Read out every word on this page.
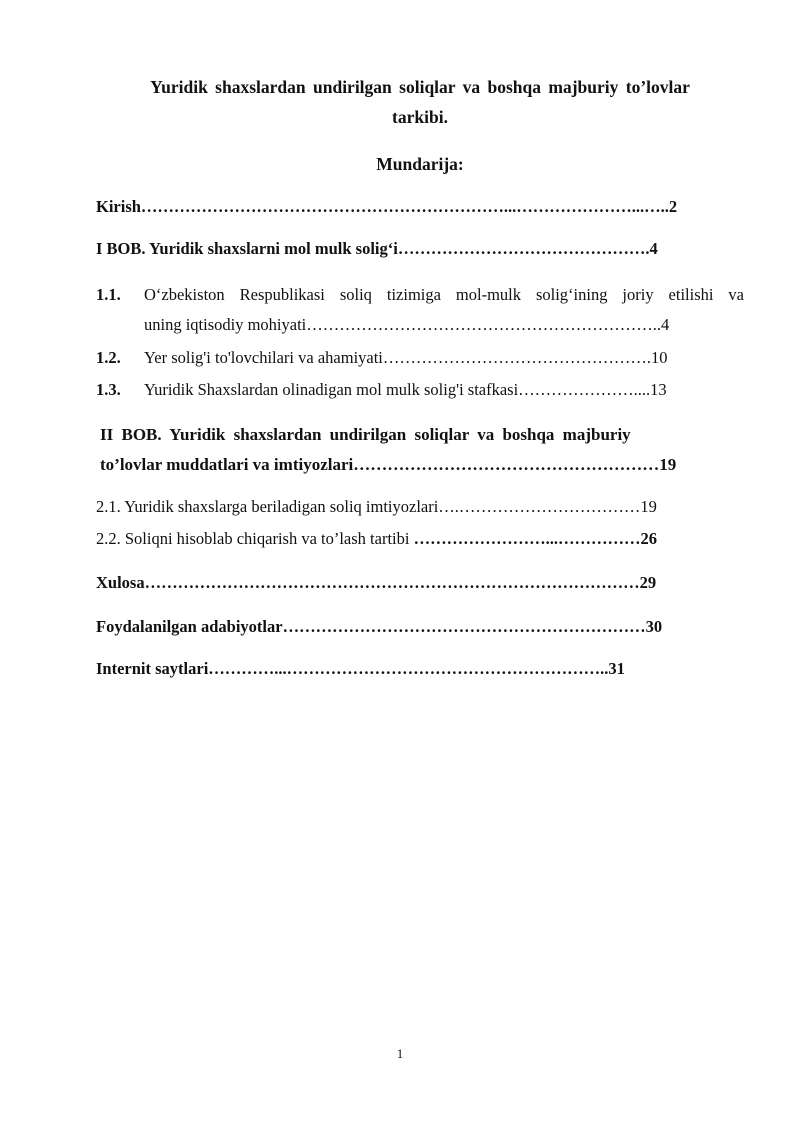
Yuridik shaxslardan undirilgan soliqlar va boshqa majburiy to’lovlar
tarkibi.
Mundarija:
Kirish…………………………………………………………...…………………...…..2
I BOB. Yuridik shaxslarni mol mulk solig‘i……………………………………….4
1.1. O‘zbekiston Respublikasi soliq tizimiga mol-mulk solig‘ining joriy etilishi va
uning iqtisodiy mohiyati………………………………………………………..4
1.2. Yer solig'i to'lovchilari va ahamiyati………………………………………….10
1.3. Yuridik Shaxslardan olinadigan mol mulk solig'i stafkasi…………………....13
II BOB. Yuridik shaxslardan undirilgan soliqlar va boshqa majburiy
to’lovlar muddatlari va imtiyozlari………………………………………………19
2.1. Yuridik shaxslarga beriladigan soliq imtiyozlari….……………………………19
2.2. Soliqni hisoblab chiqarish va to’lash tartibi ……………………...……………26
Xulosa………………………………………………………………………………29
Foydalanilgan adabiyotlar…………………………………………………………30
Internit saytlari…………...…………………………………………………..31
1
